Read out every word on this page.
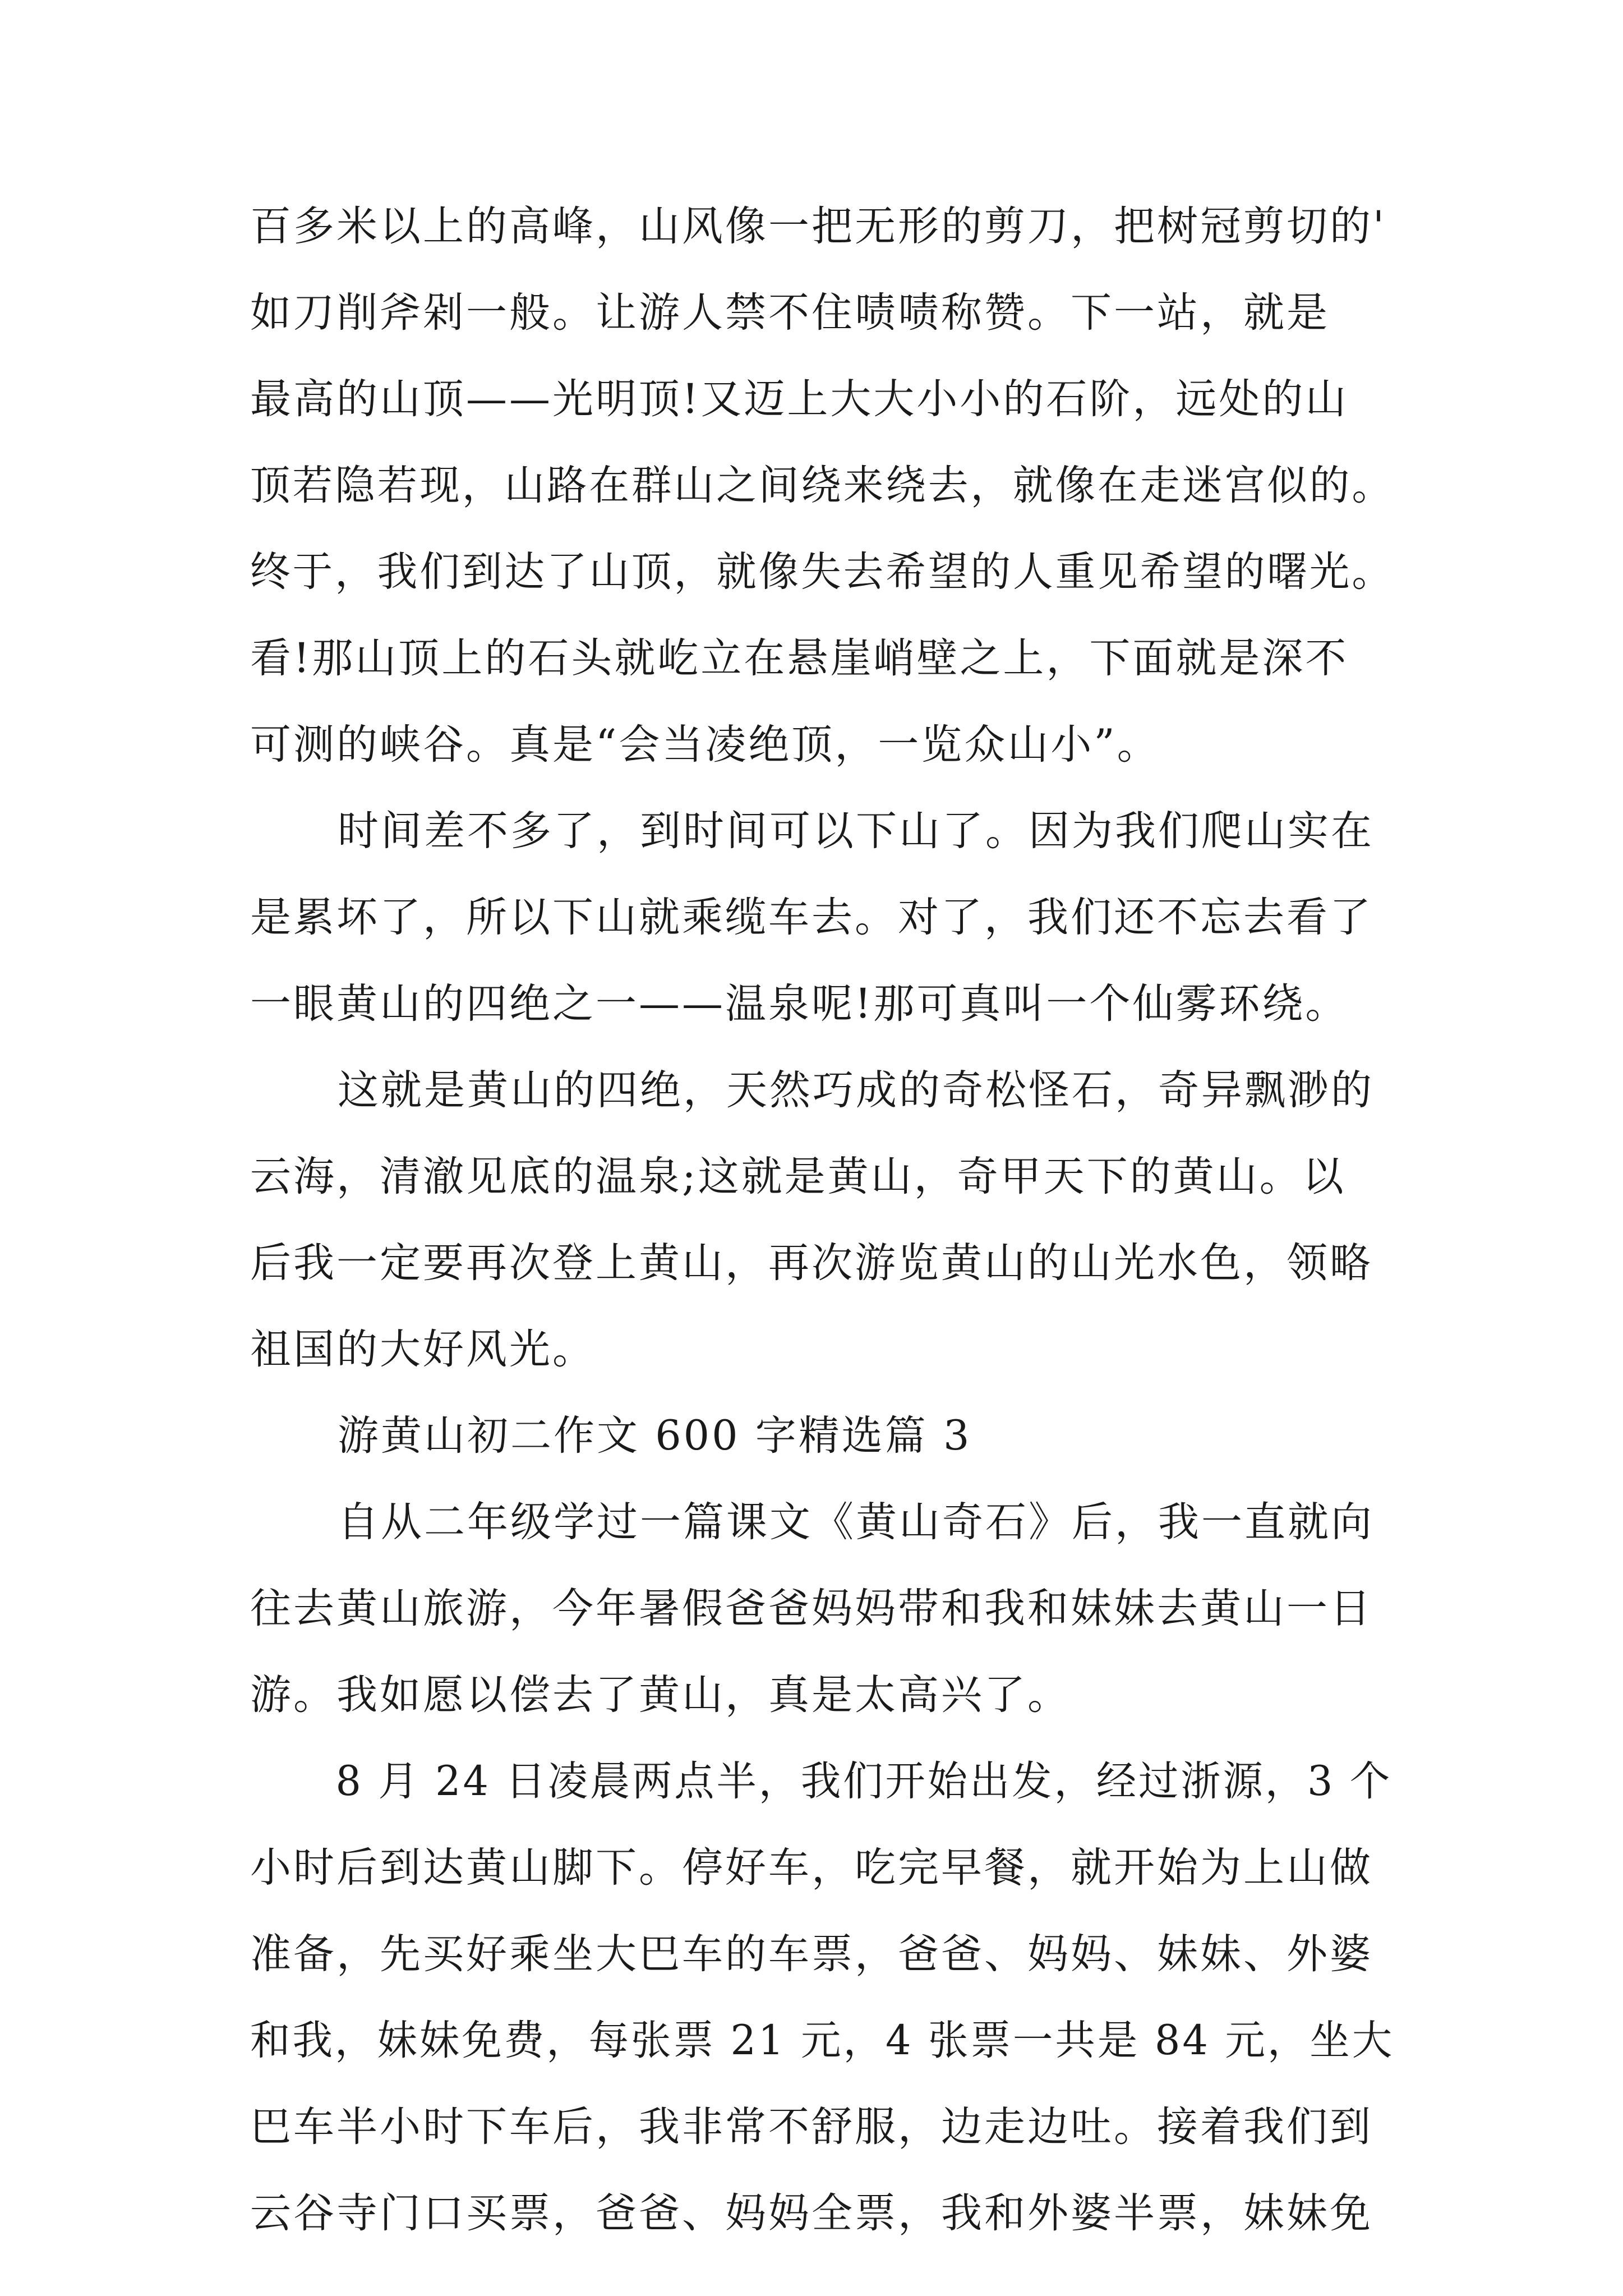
百多米以上的高峰，山风像一把无形的剪刀，把树冠剪切的'
如刀削斧剁一般。让游人禁不住啧啧称赞。下一站，就是
最高的山顶——光明顶!又迈上大大小小的石阶，远处的山
顶若隐若现，山路在群山之间绕来绕去，就像在走迷宫似的。
终于，我们到达了山顶，就像失去希望的人重见希望的曙光。
看!那山顶上的石头就屹立在悬崖峭壁之上，下面就是深不
可测的峡谷。真是“会当凌绝顶，一览众山小”。
时间差不多了，到时间可以下山了。因为我们爬山实在
是累坏了，所以下山就乘缆车去。对了，我们还不忘去看了
一眼黄山的四绝之一——温泉呢!那可真叫一个仙雾环绕。
这就是黄山的四绝，天然巧成的奇松怪石，奇异飘渺的
云海，清澈见底的温泉;这就是黄山，奇甲天下的黄山。以
后我一定要再次登上黄山，再次游览黄山的山光水色，领略
祖国的大好风光。
游黄山初二作文 600 字精选篇 3
自从二年级学过一篇课文《黄山奇石》后，我一直就向
往去黄山旅游，今年暑假爸爸妈妈带和我和妹妹去黄山一日
游。我如愿以偿去了黄山，真是太高兴了。
8 月 24 日凌晨两点半，我们开始出发，经过浙源，3 个
小时后到达黄山脚下。停好车，吃完早餐，就开始为上山做
准备，先买好乘坐大巴车的车票，爸爸、妈妈、妹妹、外婆
和我，妹妹免费，每张票 21 元，4 张票一共是 84 元，坐大
巴车半小时下车后，我非常不舒服，边走边吐。接着我们到
云谷寺门口买票，爸爸、妈妈全票，我和外婆半票，妹妹免
